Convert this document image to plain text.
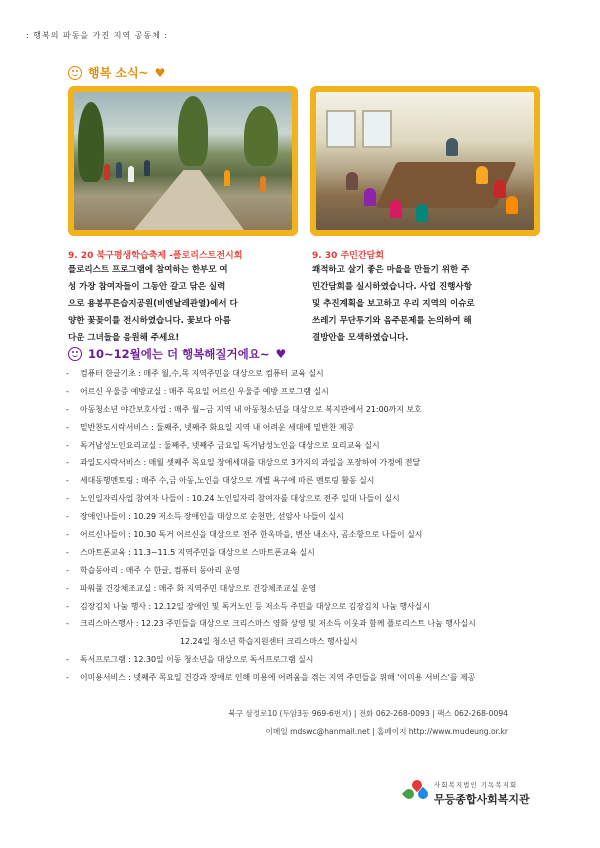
: 행복의 파동을 가진 지역 공동체 :
행복 소식~ ♥
9. 20 북구평생학습축제 -플로리스트전시회
플로리스트 프로그램에 참여하는 한부모 여
성 가장 참여자들이 그동안 갈고 닦은 실력
으로 용봉푸른습지공원(비엔날레관열)에서 다
양한 꽃꽂이를 전시하였습니다. 꽃보다 아름
다운 그녀들을 응원해 주세요!
9. 30 주민간담회
쾌적하고 살기 좋은 마을을 만들기 위한 주
민간담회를 실시하였습니다. 사업 진행사항
및 추진계획을 보고하고 우리 지역의 이슈로
쓰레기 무단투기와 음주문제를 논의하여 해
결방안을 모색하였습니다.
10~12월에는 더 행복해질거에요~ ♥
-	컴퓨터 한글기초 : 매주 월,수,목 지역주민을 대상으로 컴퓨터 교육 실시
-	어르신 우울증 예방교실 : 매주 목요일 어르신 우울증 예방 프로그램 실시
-	아동청소년 야간보호사업 : 매주 월~금 지역 내 아동청소년을 대상으로 복지관에서 21:00까지 보호
-	밑반찬도시락서비스 : 둘째주, 넷째주 화요일 지역 내 어려운 세대에 밑반찬 제공
-	독거남성노인요리교실 : 둘째주, 넷째주 금요일 독거남성노인을 대상으로 요리교육 실시
-	과일도시락서비스 : 매월 셋째주 목요일 장애세대를 대상으로 3가지의 과일을 포장하여 가정에 전달
-	세대동행멘토링 : 매주 수,금 아동,노인을 대상으로 개별 욕구에 따른 멘토링 활동 실시
-	노인일자리사업 참여자 나들이 : 10.24 노인일자리 참여자를 대상으로 전주 일대 나들이 실시
-	장애인나들이 : 10.29 저소득 장애인을 대상으로 순천만, 선암사 나들이 실시
-	어르신나들이 : 10.30 독거 어르신을 대상으로 전주 한옥마을, 변산 내소사, 곰소항으로 나들이 실시
-	스마트폰교육 : 11.3~11.5 지역주민을 대상으로 스마트폰교육 실시
-	학습동아리 : 매주 수 한글, 컴퓨터 동아리 운영
-	파워풀 건강체조교실 : 매주 화 지역주민 대상으로 건강체조교실 운영
-	김장김치 나눔 행사 : 12.12일 장애인 및 독거노인 등 저소득 주민을 대상으로 김장김치 나눔 행사실시
-	크리스마스행사 : 12.23 주민들을 대상으로 크리스마스 영화 상영 및 저소득 이웃과 함께 플로리스트 나눔 행사실시
12.24일 청소년 학습지원센터 크리스마스 행사실시
-	독서프로그램 : 12.30일 이동 청소년을 대상으로 독서프로그램 실시
-	이미용서비스 : 넷째주 목요일 건강과 장애로 인해 미용에 어려움을 겪는 지역 주민들을 위해 '이미용 서비스'를 제공
북구 삼정로10 (두암3동 969-6번지) | 전화 062-268-0093 | 팩스 062-268-0094
이메일 mdswc@hanmail.net | 홈페이지 http://www.mudeung.or.kr
사회복지법인 기독복지회
무등종합사회복지관
